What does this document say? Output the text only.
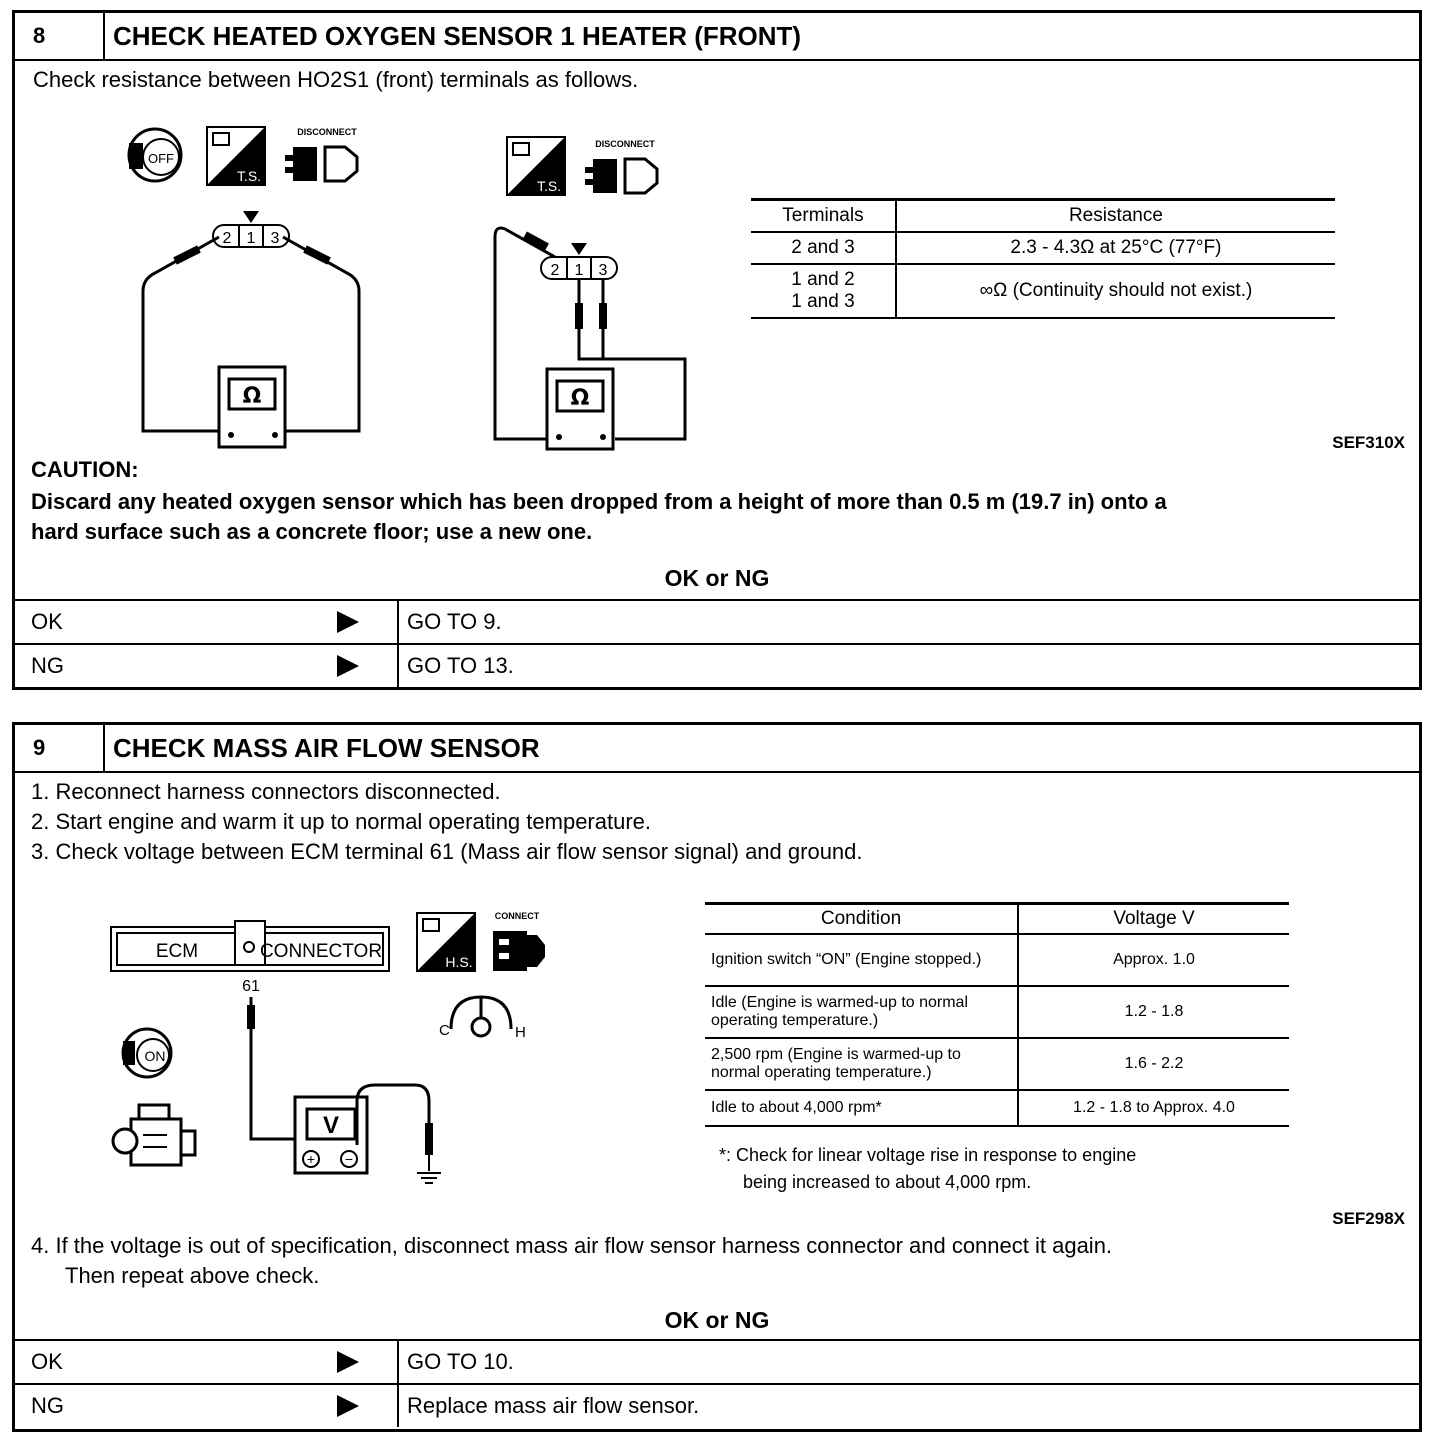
8	CHECK HEATED OXYGEN SENSOR 1 HEATER (FRONT)
Check resistance between HO2S1 (front) terminals as follows.
OFF
T.S.
DISCONNECT
2 1 3
Ω
T.S.
DISCONNECT
2 1 3
Ω
Terminals	Resistance
2 and 3	2.3 - 4.3Ω at 25°C (77°F)

1 and 2
1 and 3	∞Ω (Continuity should not exist.)
SEF310X
CAUTION:
Discard any heated oxygen sensor which has been dropped from a height of more than 0.5 m (19.7 in) onto a
hard surface such as a concrete floor; use a new one.
OK or NG
OK	GO TO 9.
NG	GO TO 13.
9	CHECK MASS AIR FLOW SENSOR
1. Reconnect harness connectors disconnected.
2. Start engine and warm it up to normal operating temperature.
3. Check voltage between ECM terminal 61 (Mass air flow sensor signal) and ground.
ECM	CONNECTOR
61
V
+ −
H.S.
CONNECT
C	H
ON
Condition	Voltage V
Ignition switch “ON” (Engine stopped.)	Approx. 1.0
Idle (Engine is warmed-up to normal operating temperature.)	1.2 - 1.8
2,500 rpm (Engine is warmed-up to normal operating temperature.)	1.6 - 2.2
Idle to about 4,000 rpm*	1.2 - 1.8 to Approx. 4.0
*: Check for linear voltage rise in response to engine
being increased to about 4,000 rpm.
SEF298X
4. If the voltage is out of specification, disconnect mass air flow sensor harness connector and connect it again.
Then repeat above check.
OK or NG
OK	GO TO 10.
NG	Replace mass air flow sensor.
